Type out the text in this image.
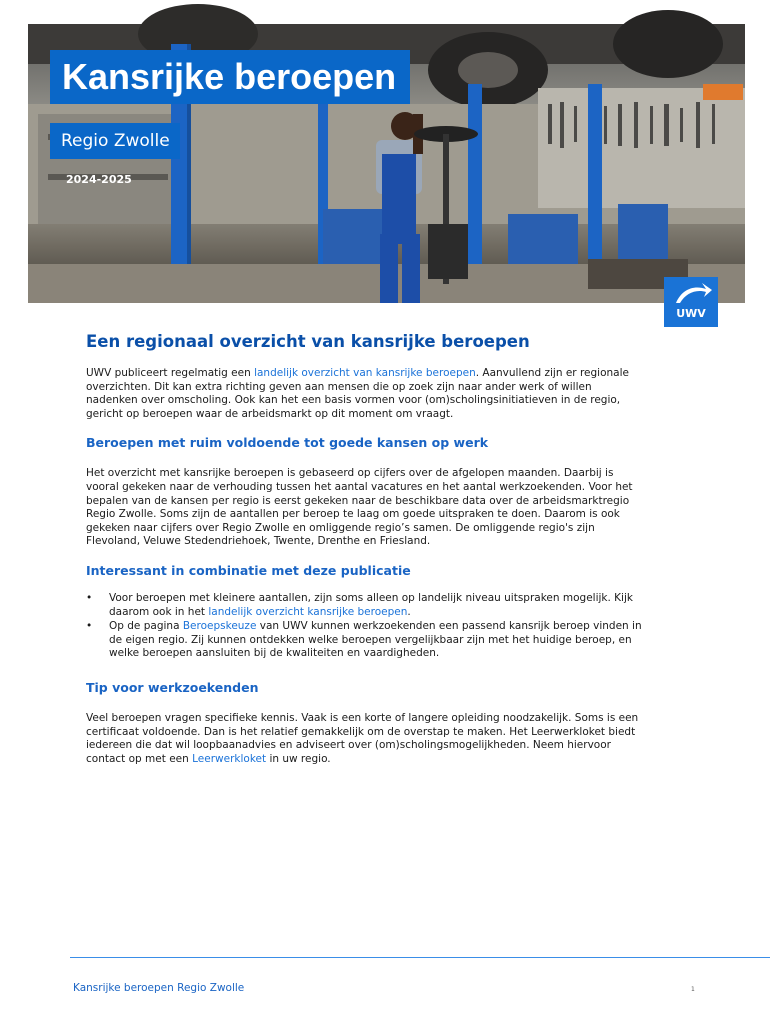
UWV
Kansrijke beroepen
Regio Zwolle
2024-2025
Een regionaal overzicht van kansrijke beroepen

UWV publiceert regelmatig een landelijk overzicht van kansrijke beroepen. Aanvullend zijn er regionale overzichten. Dit kan extra richting geven aan mensen die op zoek zijn naar ander werk of willen nadenken over omscholing. Ook kan het een basis vormen voor (om)scholingsinitiatieven in de regio, gericht op beroepen waar de arbeidsmarkt op dit moment om vraagt.

Beroepen met ruim voldoende tot goede kansen op werk

Het overzicht met kansrijke beroepen is gebaseerd op cijfers over de afgelopen maanden. Daarbij is vooral gekeken naar de verhouding tussen het aantal vacatures en het aantal werkzoekenden. Voor het bepalen van de kansen per regio is eerst gekeken naar de beschikbare data over de arbeidsmarktregio Regio Zwolle. Soms zijn de aantallen per beroep te laag om goede uitspraken te doen. Daarom is ook gekeken naar cijfers over Regio Zwolle en omliggende regio’s samen. De omliggende regio's zijn Flevoland, Veluwe Stedendriehoek, Twente, Drenthe en Friesland.

Interessant in combinatie met deze publicatie
• Voor beroepen met kleinere aantallen, zijn soms alleen op landelijk niveau uitspraken mogelijk. Kijk daarom ook in het landelijk overzicht kansrijke beroepen.
• Op de pagina Beroepskeuze van UWV kunnen werkzoekenden een passend kansrijk beroep vinden in de eigen regio. Zij kunnen ontdekken welke beroepen vergelijkbaar zijn met het huidige beroep, en welke beroepen aansluiten bij de kwaliteiten en vaardigheden.
Tip voor werkzoekenden

Veel beroepen vragen specifieke kennis. Vaak is een korte of langere opleiding noodzakelijk. Soms is een certificaat voldoende. Dan is het relatief gemakkelijk om de overstap te maken. Het Leerwerkloket biedt iedereen die dat wil loopbaanadvies en adviseert over (om)scholingsmogelijkheden. Neem hiervoor contact op met een Leerwerkloket in uw regio.

Kansrijke beroepen Regio Zwolle	1
